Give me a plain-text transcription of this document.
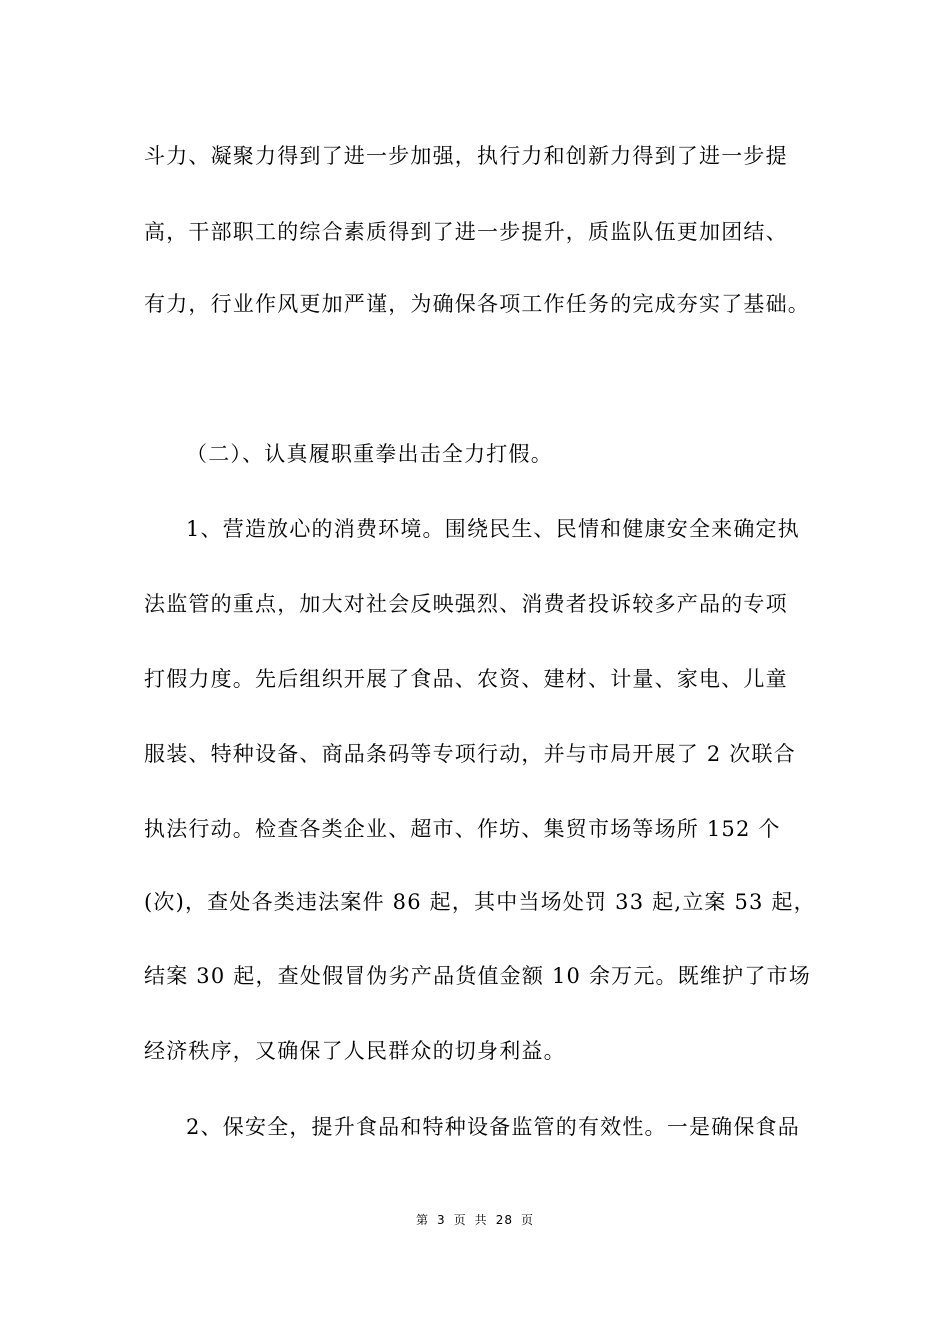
斗力、凝聚力得到了进一步加强，执行力和创新力得到了进一步提
高，干部职工的综合素质得到了进一步提升，质监队伍更加团结、
有力，行业作风更加严谨，为确保各项工作任务的完成夯实了基础。
（二）、认真履职重拳出击全力打假。
1、营造放心的消费环境。围绕民生、民情和健康安全来确定执
法监管的重点，加大对社会反映强烈、消费者投诉较多产品的专项
打假力度。先后组织开展了食品、农资、建材、计量、家电、儿童
服装、特种设备、商品条码等专项行动，并与市局开展了 2 次联合
执法行动。检查各类企业、超市、作坊、集贸市场等场所 152 个
(次)，查处各类违法案件 86 起，其中当场处罚 33 起,立案 53 起，
结案 30 起，查处假冒伪劣产品货值金额 10 余万元。既维护了市场
经济秩序，又确保了人民群众的切身利益。
2、保安全，提升食品和特种设备监管的有效性。一是确保食品
第 3 页 共 28 页
